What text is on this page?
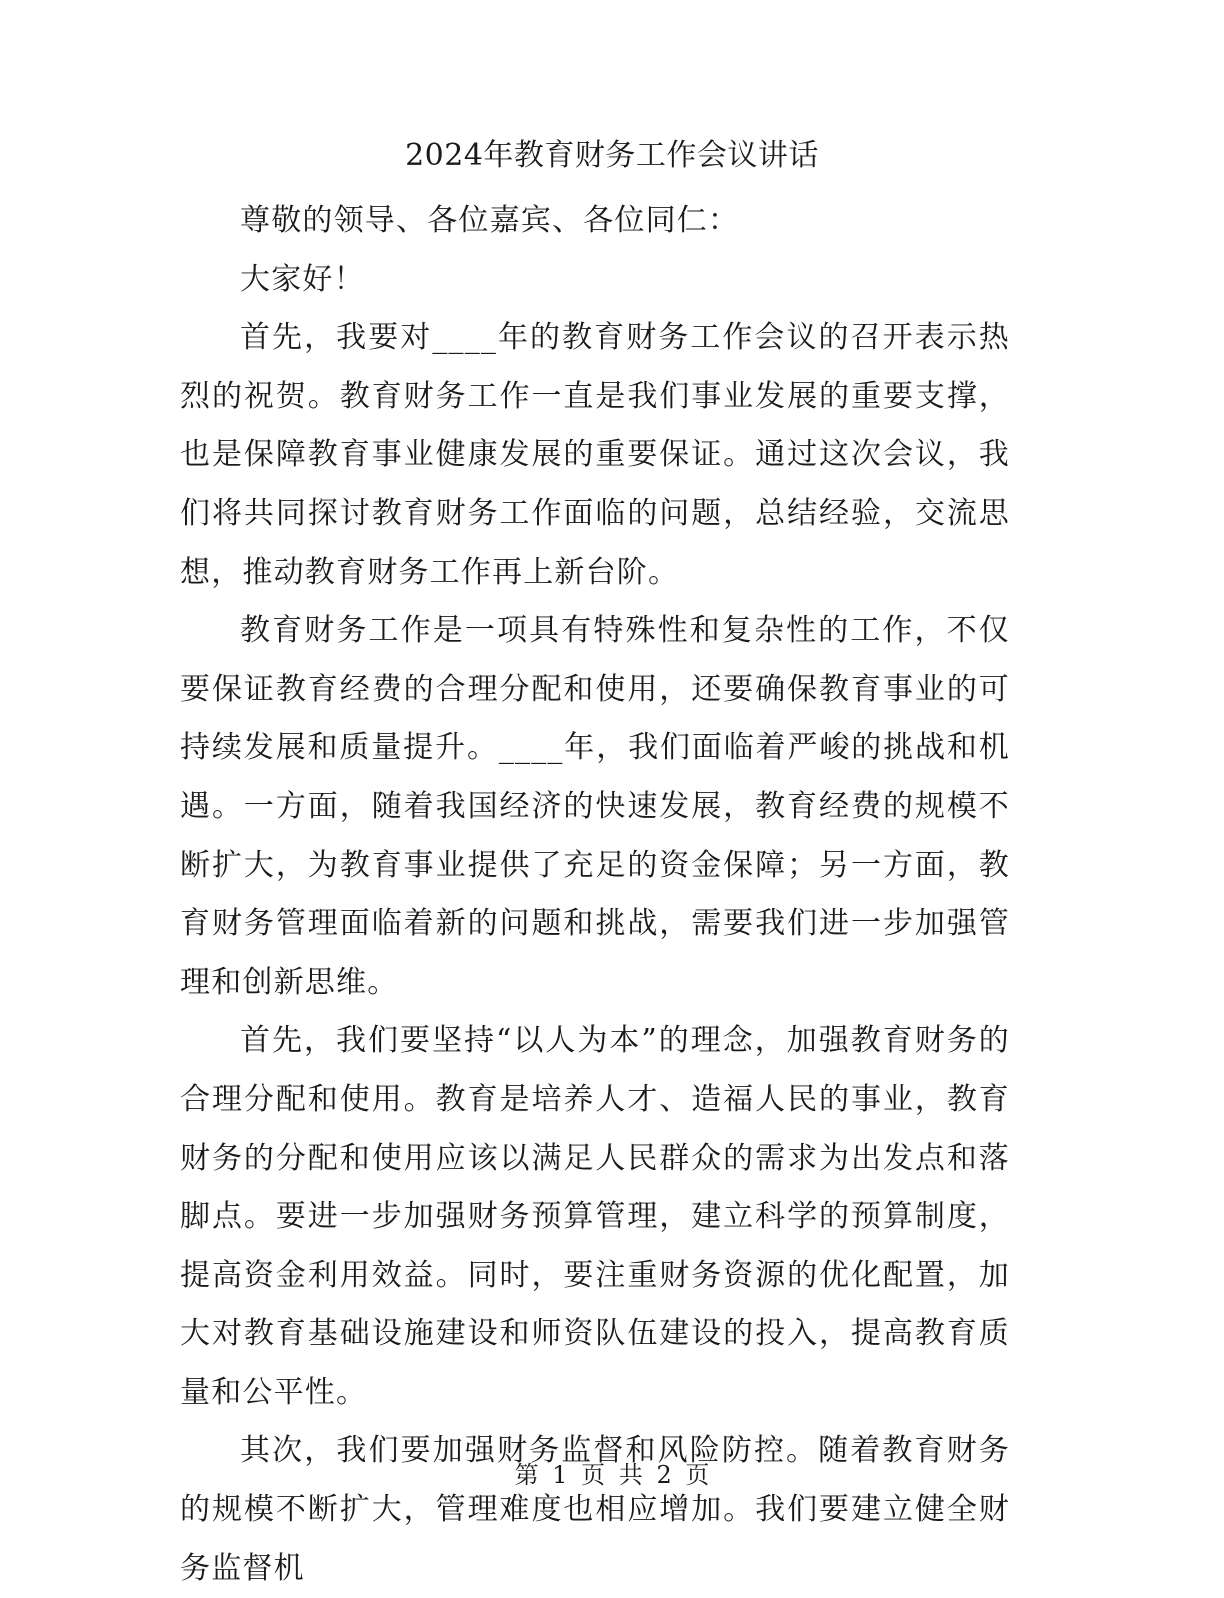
2024年教育财务工作会议讲话

尊敬的领导、各位嘉宾、各位同仁：

大家好！

首先，我要对____年的教育财务工作会议的召开表示热烈的祝贺。教育财务工作一直是我们事业发展的重要支撑，也是保障教育事业健康发展的重要保证。通过这次会议，我们将共同探讨教育财务工作面临的问题，总结经验，交流思想，推动教育财务工作再上新台阶。

教育财务工作是一项具有特殊性和复杂性的工作，不仅要保证教育经费的合理分配和使用，还要确保教育事业的可持续发展和质量提升。____年，我们面临着严峻的挑战和机遇。一方面，随着我国经济的快速发展，教育经费的规模不断扩大，为教育事业提供了充足的资金保障；另一方面，教育财务管理面临着新的问题和挑战，需要我们进一步加强管理和创新思维。

首先，我们要坚持“以人为本”的理念，加强教育财务的合理分配和使用。教育是培养人才、造福人民的事业，教育财务的分配和使用应该以满足人民群众的需求为出发点和落脚点。要进一步加强财务预算管理，建立科学的预算制度，提高资金利用效益。同时，要注重财务资源的优化配置，加大对教育基础设施建设和师资队伍建设的投入，提高教育质量和公平性。

其次，我们要加强财务监督和风险防控。随着教育财务的规模不断扩大，管理难度也相应增加。我们要建立健全财务监督机

第 1 页 共 2 页
